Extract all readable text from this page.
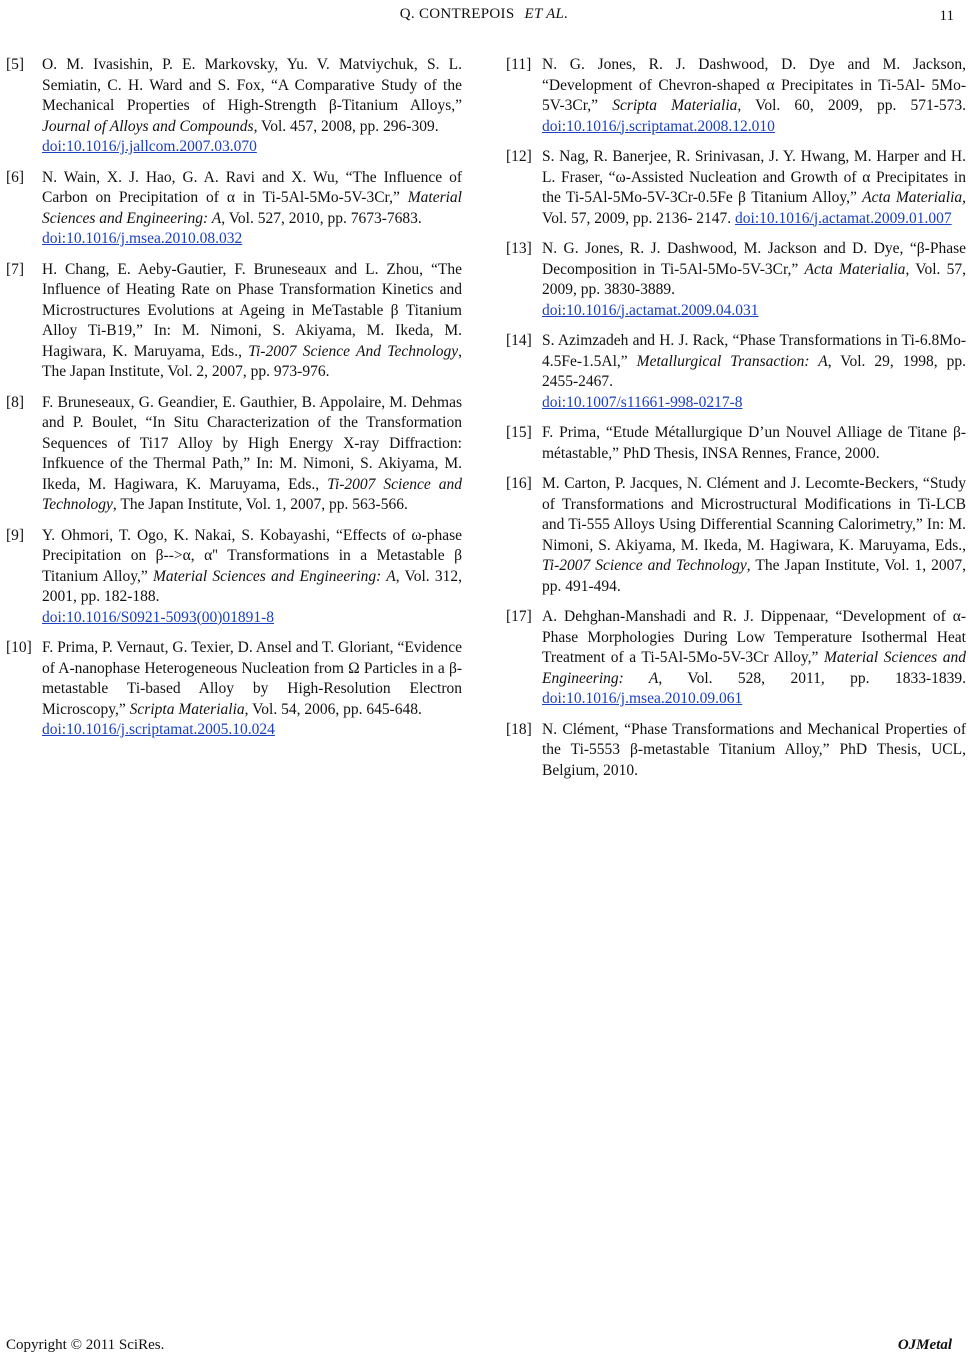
Q. CONTREPOIS ET AL.	11
[5]	O. M. Ivasishin, P. E. Markovsky, Yu. V. Matviychuk, S. L. Semiatin, C. H. Ward and S. Fox, “A Comparative Study of the Mechanical Properties of High-Strength β-Titanium Alloys,” Journal of Alloys and Compounds, Vol. 457, 2008, pp. 296-309.
doi:10.1016/j.jallcom.2007.03.070
[6]	N. Wain, X. J. Hao, G. A. Ravi and X. Wu, “The Influence of Carbon on Precipitation of α in Ti-5Al-5Mo-5V-3Cr,” Material Sciences and Engineering: A, Vol. 527, 2010, pp. 7673-7683.
doi:10.1016/j.msea.2010.08.032
[7]	H. Chang, E. Aeby-Gautier, F. Bruneseaux and L. Zhou, “The Influence of Heating Rate on Phase Transformation Kinetics and Microstructures Evolutions at Ageing in MeTastable β Titanium Alloy Ti-B19,” In: M. Nimoni, S. Akiyama, M. Ikeda, M. Hagiwara, K. Maruyama, Eds., Ti-2007 Science And Technology, The Japan Institute, Vol. 2, 2007, pp. 973-976.
[8]	F. Bruneseaux, G. Geandier, E. Gauthier, B. Appolaire, M. Dehmas and P. Boulet, “In Situ Characterization of the Transformation Sequences of Ti17 Alloy by High Energy X-ray Diffraction: Infkuence of the Thermal Path,” In: M. Nimoni, S. Akiyama, M. Ikeda, M. Hagiwara, K. Maruyama, Eds., Ti-2007 Science and Technology, The Japan Institute, Vol. 1, 2007, pp. 563-566.
[9]	Y. Ohmori, T. Ogo, K. Nakai, S. Kobayashi, “Effects of ω-phase Precipitation on β-->α, α'' Transformations in a Metastable β Titanium Alloy,” Material Sciences and Engineering: A, Vol. 312, 2001, pp. 182-188.
doi:10.1016/S0921-5093(00)01891-8
[10] F. Prima, P. Vernaut, G. Texier, D. Ansel and T. Gloriant, “Evidence of A-nanophase Heterogeneous Nucleation from Ω Particles in a β-metastable Ti-based Alloy by High-Resolution Electron Microscopy,” Scripta Materialia, Vol. 54, 2006, pp. 645-648.
doi:10.1016/j.scriptamat.2005.10.024
[11] N. G. Jones, R. J. Dashwood, D. Dye and M. Jackson, “Development of Chevron-shaped α Precipitates in Ti-5Al- 5Mo-5V-3Cr,” Scripta Materialia, Vol. 60, 2009, pp. 571-573. doi:10.1016/j.scriptamat.2008.12.010
[12] S. Nag, R. Banerjee, R. Srinivasan, J. Y. Hwang, M. Harper and H. L. Fraser, “ω-Assisted Nucleation and Growth of α Precipitates in the Ti-5Al-5Mo-5V-3Cr-0.5Fe β Titanium Alloy,” Acta Materialia, Vol. 57, 2009, pp. 2136- 2147. doi:10.1016/j.actamat.2009.01.007
[13] N. G. Jones, R. J. Dashwood, M. Jackson and D. Dye, “β-Phase Decomposition in Ti-5Al-5Mo-5V-3Cr,” Acta Materialia, Vol. 57, 2009, pp. 3830-3889.
doi:10.1016/j.actamat.2009.04.031
[14] S. Azimzadeh and H. J. Rack, “Phase Transformations in Ti-6.8Mo-4.5Fe-1.5Al,” Metallurgical Transaction: A, Vol. 29, 1998, pp. 2455-2467.
doi:10.1007/s11661-998-0217-8
[15] F. Prima, “Etude Métallurgique D’un Nouvel Alliage de Titane β-métastable,” PhD Thesis, INSA Rennes, France, 2000.
[16] M. Carton, P. Jacques, N. Clément and J. Lecomte-Beckers, “Study of Transformations and Microstructural Modifications in Ti-LCB and Ti-555 Alloys Using Differential Scanning Calorimetry,” In: M. Nimoni, S. Akiyama, M. Ikeda, M. Hagiwara, K. Maruyama, Eds., Ti-2007 Science and Technology, The Japan Institute, Vol. 1, 2007, pp. 491-494.
[17] A. Dehghan-Manshadi and R. J. Dippenaar, “Development of α-Phase Morphologies During Low Temperature Isothermal Heat Treatment of a Ti-5Al-5Mo-5V-3Cr Alloy,” Material Sciences and Engineering: A, Vol. 528, 2011, pp. 1833-1839. doi:10.1016/j.msea.2010.09.061
[18] N. Clément, “Phase Transformations and Mechanical Properties of the Ti-5553 β-metastable Titanium Alloy,” PhD Thesis, UCL, Belgium, 2010.
Copyright © 2011 SciRes.	OJMetal
